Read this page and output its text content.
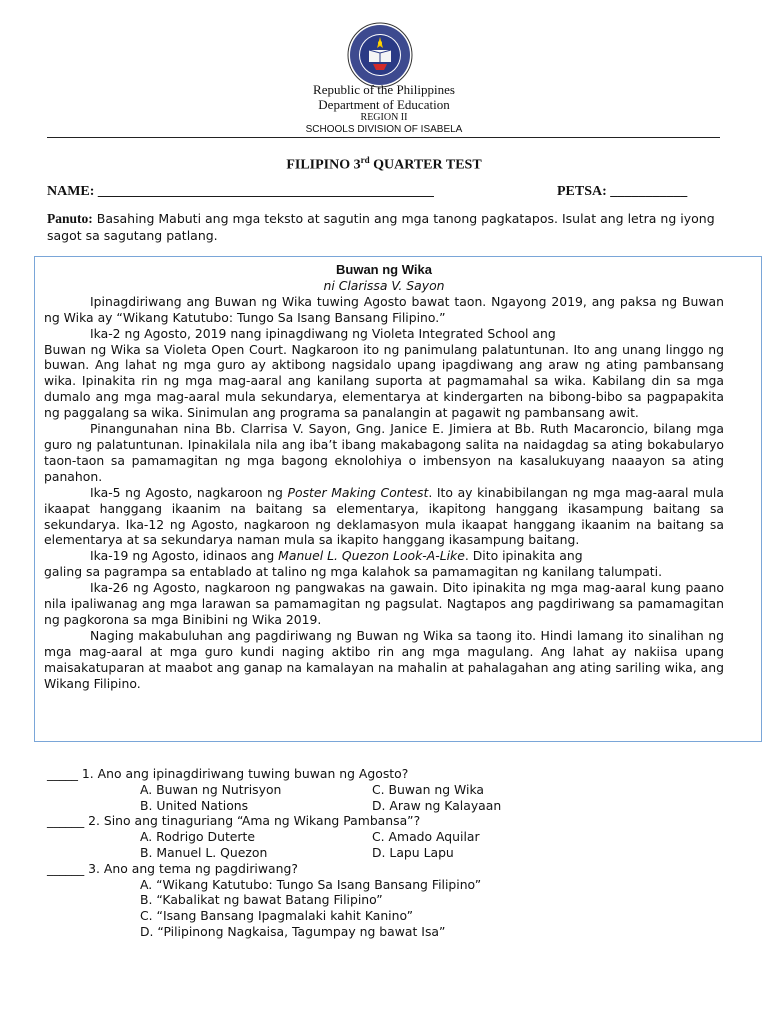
Republic of the Philippines
Department of Education
REGION II
SCHOOLS DIVISION OF ISABELA
FILIPINO 3rd QUARTER TEST
NAME: ________________________________________________	PETSA: ___________
Panuto: Basahing Mabuti ang mga teksto at sagutin ang mga tanong pagkatapos. Isulat ang letra ng iyong sagot sa sagutang patlang.
Buwan ng Wika
ni Clarissa V. Sayon

Ipinagdiriwang ang Buwan ng Wika tuwing Agosto bawat taon. Ngayong 2019, ang paksa ng Buwan ng Wika ay “Wikang Katutubo: Tungo Sa Isang Bansang Filipino.”

Ika-2 ng Agosto, 2019 nang ipinagdiwang ng Violeta Integrated School ang

Buwan ng Wika sa Violeta Open Court. Nagkaroon ito ng panimulang palatuntunan. Ito ang unang linggo ng buwan. Ang lahat ng mga guro ay aktibong nagsidalo upang ipagdiwang ang araw ng ating pambansang wika. Ipinakita rin ng mga mag-aaral ang kanilang suporta at pagmamahal sa wika. Kabilang din sa mga dumalo ang mga mag-aaral mula sekundarya, elementarya at kindergarten na bibong-bibo sa pagpapakita ng paggalang sa wika. Sinimulan ang programa sa panalangin at pagawit ng pambansang awit.

Pinangunahan nina Bb. Clarrisa V. Sayon, Gng. Janice E. Jimiera at Bb. Ruth Macaroncio, bilang mga guro ng palatuntunan. Ipinakilala nila ang iba’t ibang makabagong salita na naidagdag sa ating bokabularyo taon-taon sa pamamagitan ng mga bagong eknolohiya o imbensyon na kasalukuyang naaayon sa ating panahon.

Ika-5 ng Agosto, nagkaroon ng Poster Making Contest. Ito ay kinabibilangan ng mga mag-aaral mula ikaapat hanggang ikaanim na baitang sa elementarya, ikapitong hanggang ikasampung baitang sa sekundarya. Ika-12 ng Agosto, nagkaroon ng deklamasyon mula ikaapat hanggang ikaanim na baitang sa elementarya at sa sekundarya naman mula sa ikapito hanggang ikasampung baitang.

Ika-19 ng Agosto, idinaos ang Manuel L. Quezon Look-A-Like. Dito ipinakita ang

galing sa pagrampa sa entablado at talino ng mga kalahok sa pamamagitan ng kanilang talumpati.

Ika-26 ng Agosto, nagkaroon ng pangwakas na gawain. Dito ipinakita ng mga mag-aaral kung paano nila ipaliwanag ang mga larawan sa pamamagitan ng pagsulat. Nagtapos ang pagdiriwang sa pamamagitan ng pagkorona sa mga Binibini ng Wika 2019.

Naging makabuluhan ang pagdiriwang ng Buwan ng Wika sa taong ito. Hindi lamang ito sinalihan ng mga mag-aaral at mga guro kundi naging aktibo rin ang mga magulang. Ang lahat ay nakiisa upang maisakatuparan at maabot ang ganap na kamalayan na mahalin at pahalagahan ang ating sariling wika, ang Wikang Filipino.

_____ 1. Ano ang ipinagdiriwang tuwing buwan ng Agosto?
A. Buwan ng Nutrisyon	C. Buwan ng Wika
B. United Nations	D. Araw ng Kalayaan
______ 2. Sino ang tinaguriang “Ama ng Wikang Pambansa”?
A. Rodrigo Duterte	C. Amado Aquilar
B. Manuel L. Quezon	D. Lapu Lapu
______ 3. Ano ang tema ng pagdiriwang?
A. “Wikang Katutubo: Tungo Sa Isang Bansang Filipino”
B. “Kabalikat ng bawat Batang Filipino”
C. “Isang Bansang Ipagmalaki kahit Kanino”
D. “Pilipinong Nagkaisa, Tagumpay ng bawat Isa”
